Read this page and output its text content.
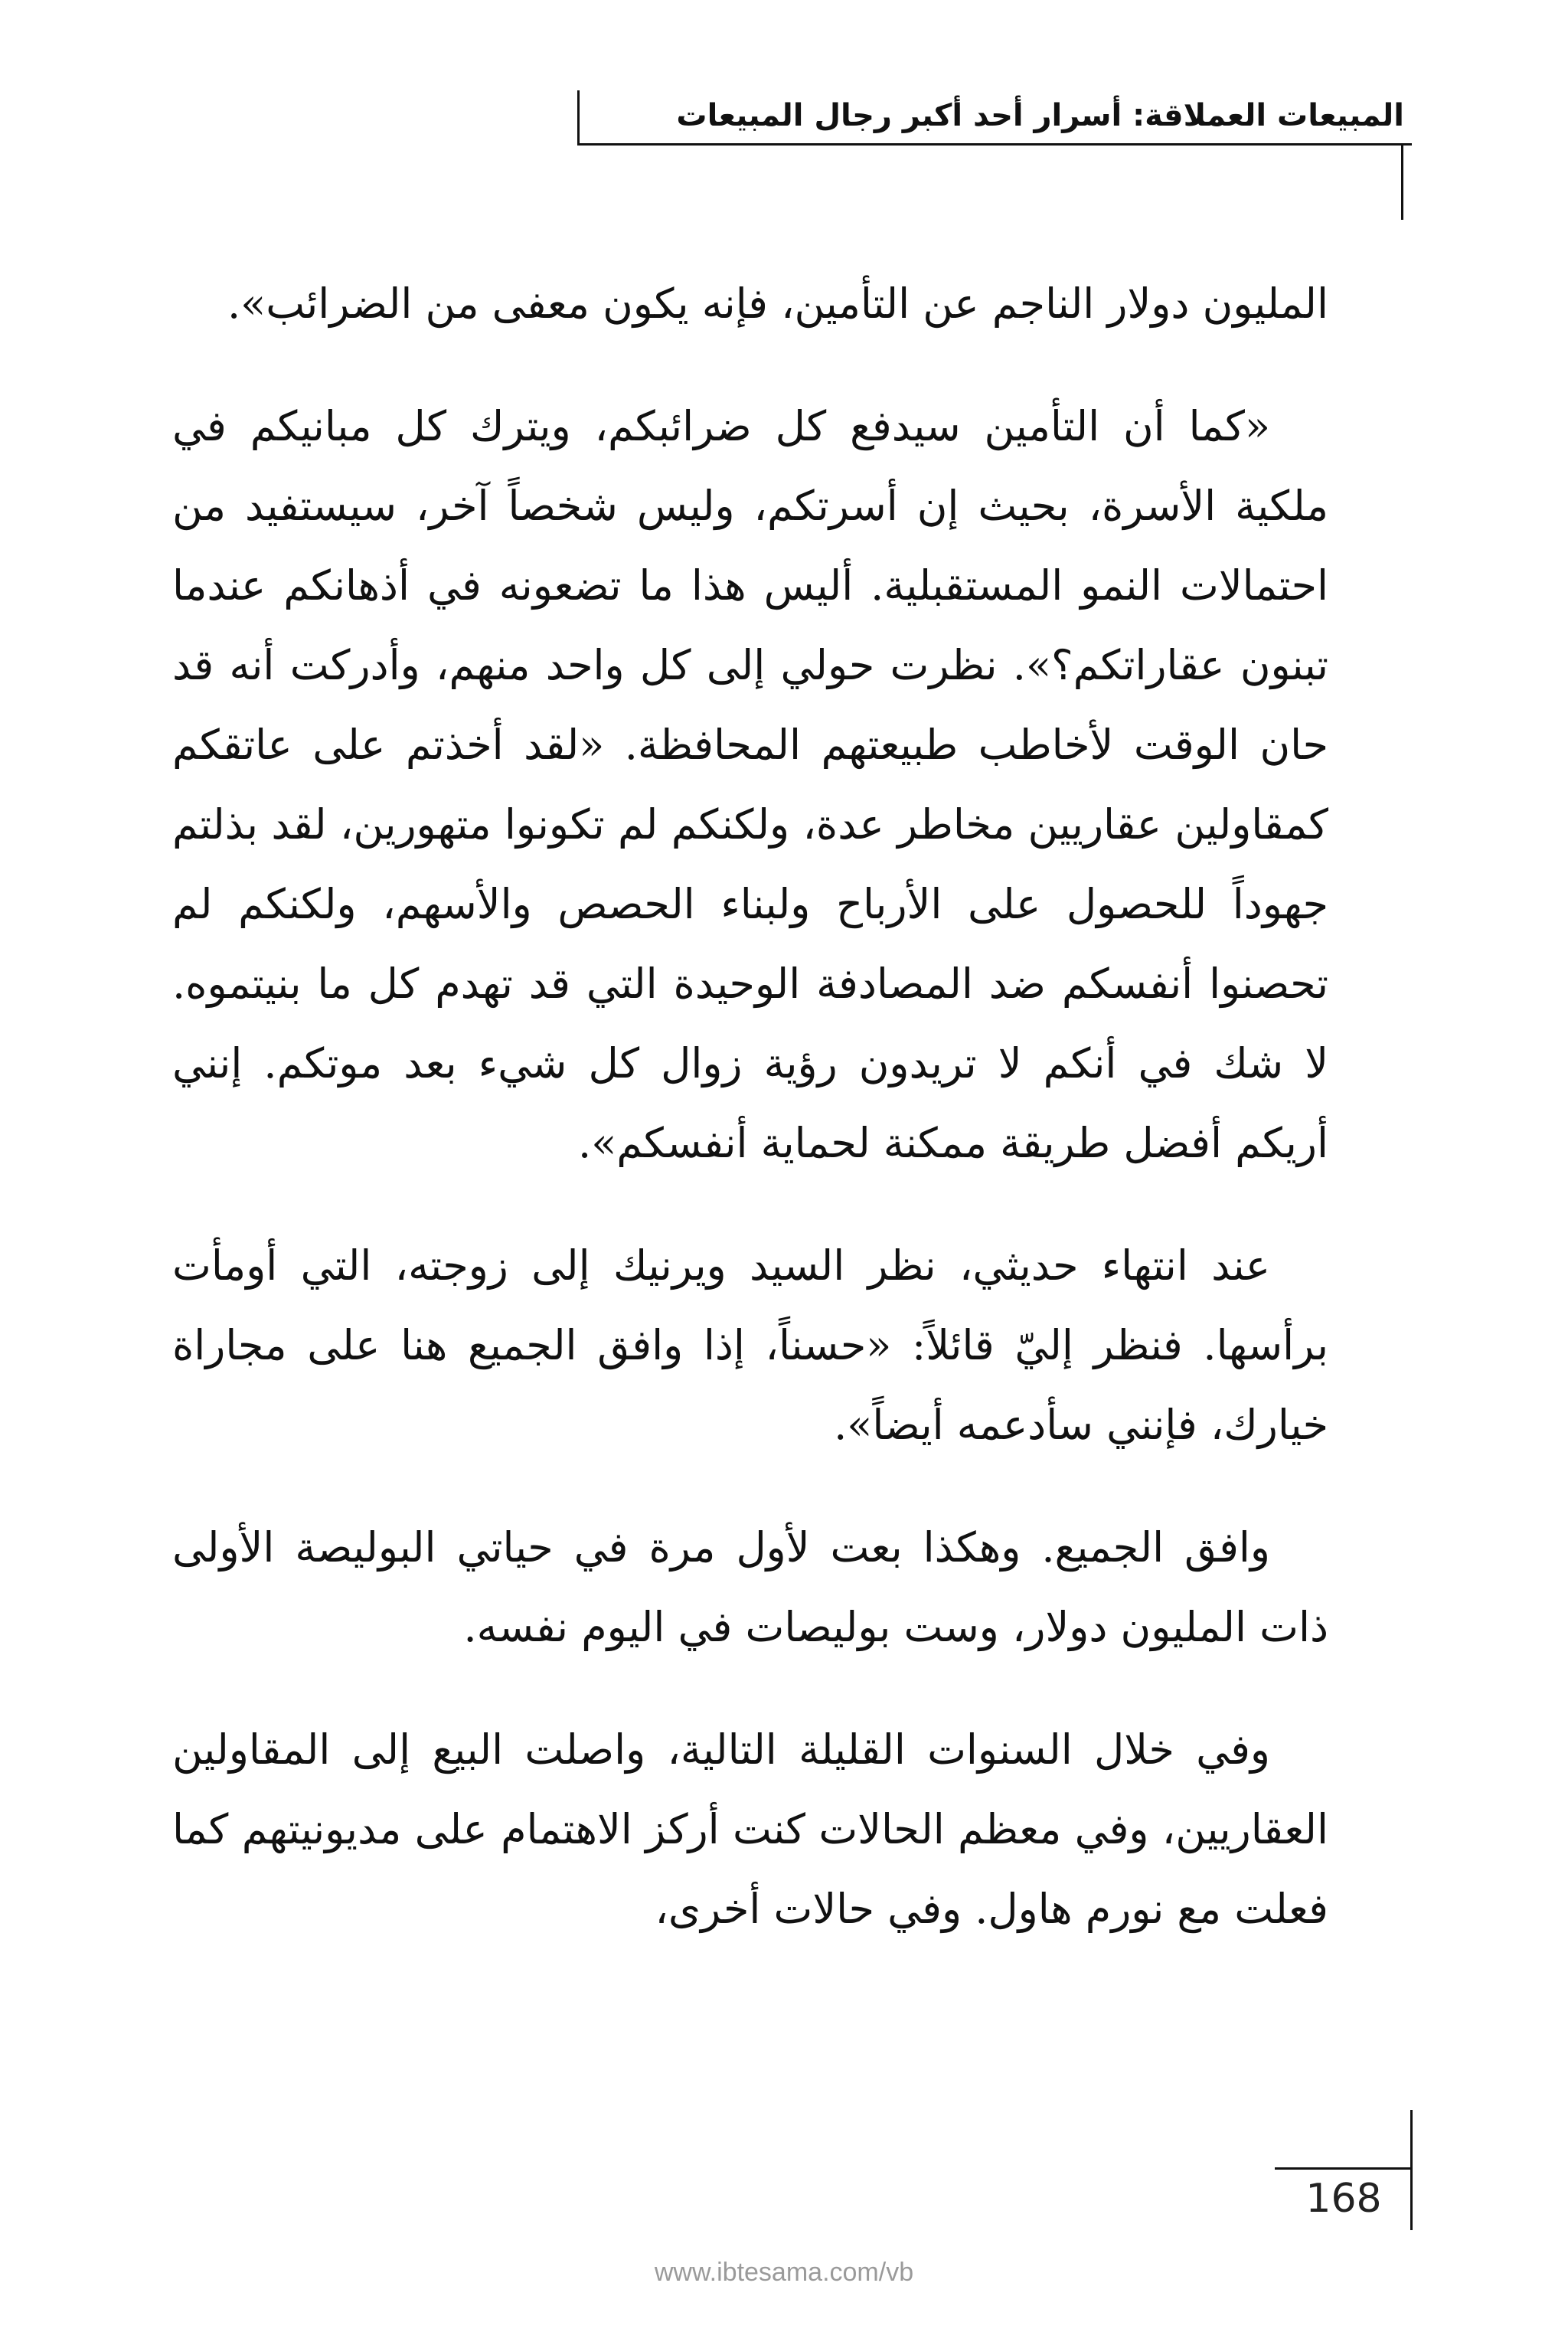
المبيعات العملاقة: أسرار أحد أكبر رجال المبيعات

المليون دولار الناجم عن التأمين، فإنه يكون معفى من الضرائب».

«كما أن التأمين سيدفع كل ضرائبكم، ويترك كل مبانيكم في ملكية الأسرة، بحيث إن أسرتكم، وليس شخصاً آخر، سيستفيد من احتمالات النمو المستقبلية. أليس هذا ما تضعونه في أذهانكم عندما تبنون عقاراتكم؟». نظرت حولي إلى كل واحد منهم، وأدركت أنه قد حان الوقت لأخاطب طبيعتهم المحافظة. «لقد أخذتم على عاتقكم كمقاولين عقاريين مخاطر عدة، ولكنكم لم تكونوا متهورين، لقد بذلتم جهوداً للحصول على الأرباح ولبناء الحصص والأسهم، ولكنكم لم تحصنوا أنفسكم ضد المصادفة الوحيدة التي قد تهدم كل ما بنيتموه. لا شك في أنكم لا تريدون رؤية زوال كل شيء بعد موتكم. إنني أريكم أفضل طريقة ممكنة لحماية أنفسكم».

عند انتهاء حديثي، نظر السيد ويرنيك إلى زوجته، التي أومأت برأسها. فنظر إليّ قائلاً: «حسناً، إذا وافق الجميع هنا على مجاراة خيارك، فإنني سأدعمه أيضاً».

وافق الجميع. وهكذا بعت لأول مرة في حياتي البوليصة الأولى ذات المليون دولار، وست بوليصات في اليوم نفسه.

وفي خلال السنوات القليلة التالية، واصلت البيع إلى المقاولين العقاريين، وفي معظم الحالات كنت أركز الاهتمام على مديونيتهم كما فعلت مع نورم هاول. وفي حالات أخرى،

168
www.ibtesama.com/vb
